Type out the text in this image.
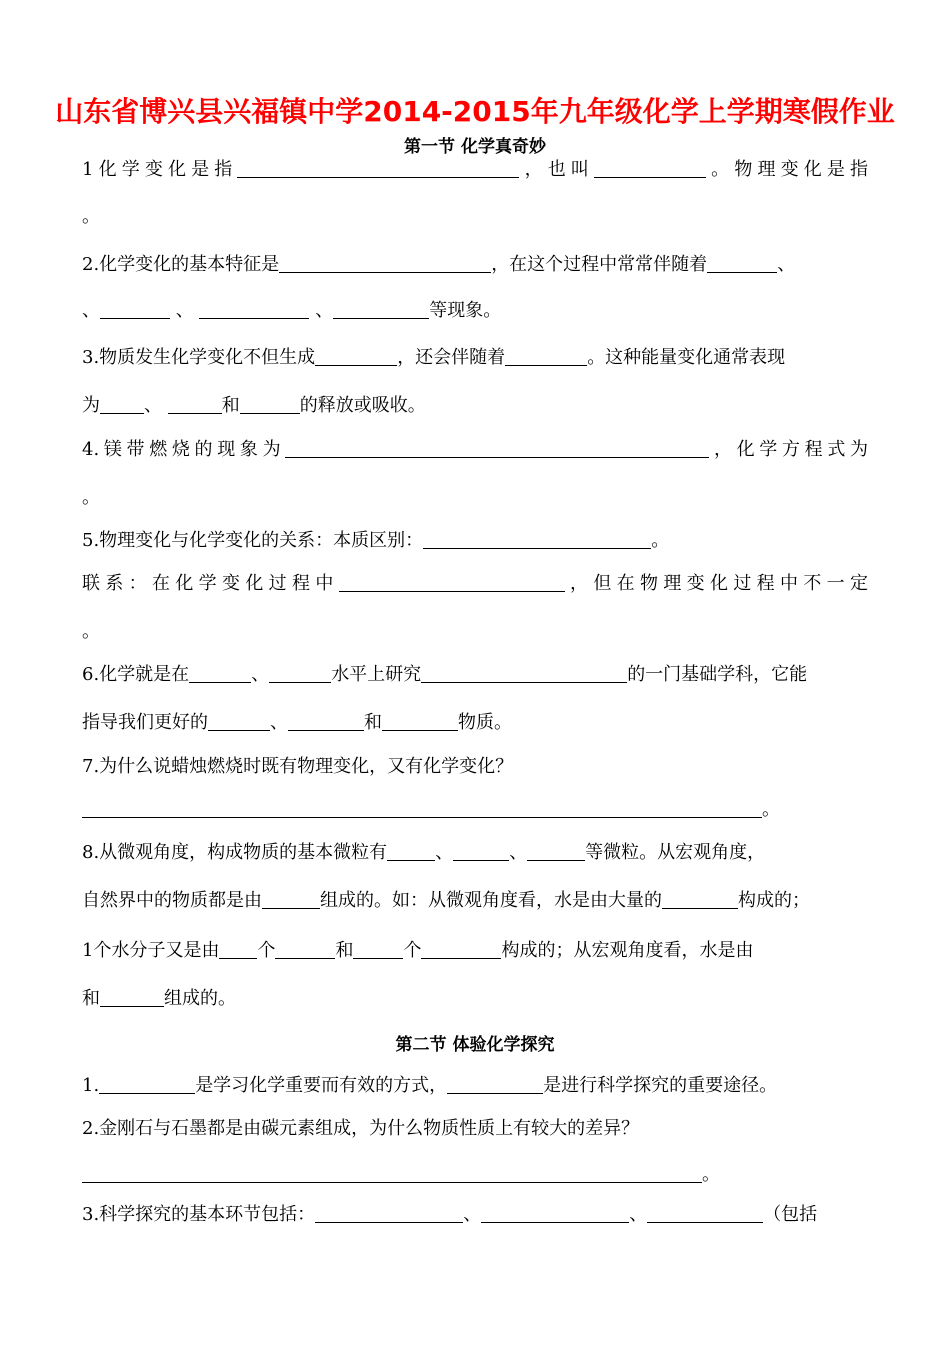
山东省博兴县兴福镇中学2014-2015年九年级化学上学期寒假作业
第一节 化学真奇妙
1化学变化是指	，也叫	。物理变化是指
。
2.化学变化的基本特征是	，在这个过程中常常伴随着	、
、	、	、	等现象。
3.物质发生化学变化不但生成	，还会伴随着	。这种能量变化通常表现
为 、	和	的释放或吸收。
4.镁带燃烧的现象为	，化学方程式为
。
5.物理变化与化学变化的关系：本质区别：	。
联系：在化学变化过程中	，但在物理变化过程中不一定
。
6.化学就是在	、	水平上研究	的一门基础学科，它能
指导我们更好的	、	和	物质。
7.为什么说蜡烛燃烧时既有物理变化，又有化学变化？
。
8.从微观角度，构成物质的基本微粒有	、	、	等微粒。从宏观角度，
自然界中的物质都是由	组成的。如：从微观角度看，水是由大量的	构成的；
1个水分子又是由 个	和	个	构成的；从宏观角度看，水是由
和	组成的。
第二节 体验化学探究
1.	是学习化学重要而有效的方式，	是进行科学探究的重要途径。
2.金刚石与石墨都是由碳元素组成，为什么物质性质上有较大的差异？
。
3.科学探究的基本环节包括：	、	、	（包括
